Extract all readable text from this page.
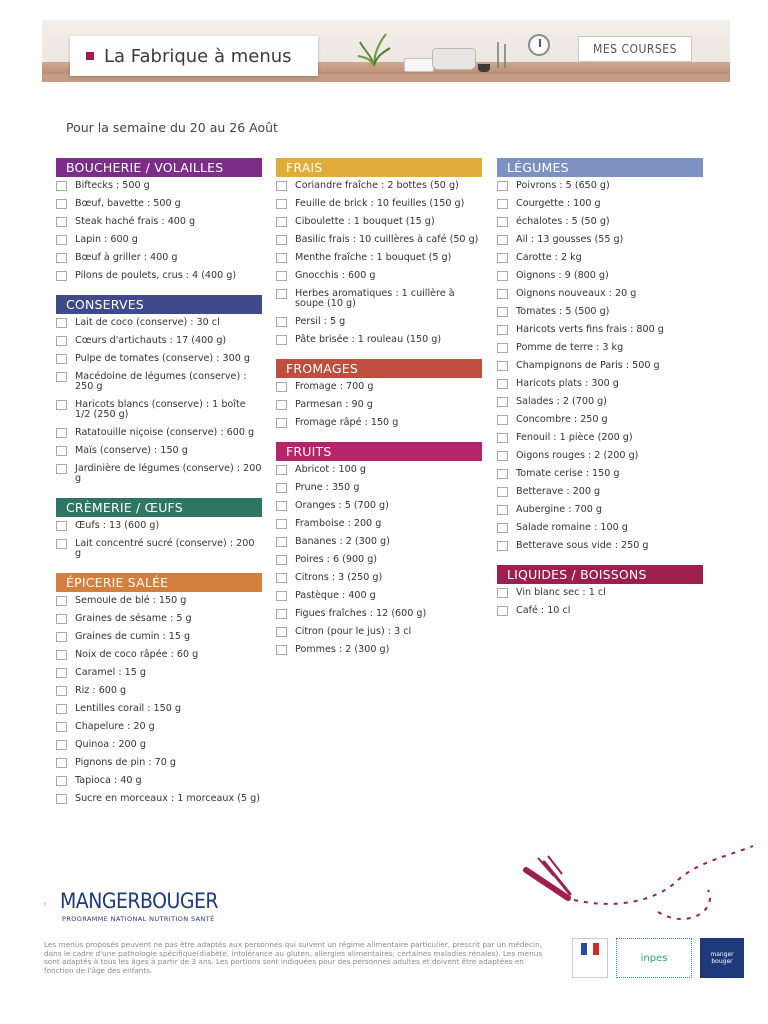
La Fabrique à menus	MES COURSES
Pour la semaine du 20 au 26 Août
BOUCHERIE / VOLAILLES
Biftecks : 500 g
Bœuf, bavette : 500 g
Steak haché frais : 400 g
Lapin : 600 g
Bœuf à griller : 400 g
Pilons de poulets, crus : 4 (400 g)
CONSERVES
Lait de coco (conserve) : 30 cl
Cœurs d'artichauts : 17 (400 g)
Pulpe de tomates (conserve) : 300 g
Macédoine de légumes (conserve) : 250 g
Haricots blancs (conserve) : 1 boîte 1/2 (250 g)
Ratatouille niçoise (conserve) : 600 g
Maïs (conserve) : 150 g
Jardinière de légumes (conserve) : 200 g
CRÈMERIE / ŒUFS
Œufs : 13 (600 g)
Lait concentré sucré (conserve) : 200 g
ÉPICERIE SALÉE
Semoule de blé : 150 g
Graines de sésame : 5 g
Graines de cumin : 15 g
Noix de coco râpée : 60 g
Caramel : 15 g
Riz : 600 g
Lentilles corail : 150 g
Chapelure : 20 g
Quinoa : 200 g
Pignons de pin : 70 g
Tapioca : 40 g
Sucre en morceaux : 1 morceaux (5 g)
FRAIS
Coriandre fraîche : 2 bottes (50 g)
Feuille de brick : 10 feuilles (150 g)
Ciboulette : 1 bouquet (15 g)
Basilic frais : 10 cuillères à café (50 g)
Menthe fraîche : 1 bouquet (5 g)
Gnocchis : 600 g
Herbes aromatiques : 1 cuillère à soupe (10 g)
Persil : 5 g
Pâte brisée : 1 rouleau (150 g)
FROMAGES
Fromage : 700 g
Parmesan : 90 g
Fromage râpé : 150 g
FRUITS
Abricot : 100 g
Prune : 350 g
Oranges : 5 (700 g)
Framboise : 200 g
Bananes : 2 (300 g)
Poires : 6 (900 g)
Citrons : 3 (250 g)
Pastèque : 400 g
Figues fraîches : 12 (600 g)
Citron (pour le jus) : 3 cl
Pommes : 2 (300 g)
LÉGUMES
Poivrons : 5 (650 g)
Courgette : 100 g
échalotes : 5 (50 g)
Ail : 13 gousses (55 g)
Carotte : 2 kg
Oignons : 9 (800 g)
Oignons nouveaux : 20 g
Tomates : 5 (500 g)
Haricots verts fins frais : 800 g
Pomme de terre : 3 kg
Champignons de Paris : 500 g
Haricots plats : 300 g
Salades : 2 (700 g)
Concombre : 250 g
Fenouil : 1 pièce (200 g)
Oigons rouges : 2 (200 g)
Tomate cerise : 150 g
Betterave : 200 g
Aubergine : 700 g
Salade romaine : 100 g
Betterave sous vide : 250 g
LIQUIDES / BOISSONS
Vin blanc sec : 1 cl
Café : 10 cl
MANGERBOUGER
PROGRAMME NATIONAL NUTRITION SANTÉ
Les menus proposés peuvent ne pas être adaptés aux personnes qui suivent un régime alimentaire particulier, prescrit par un médecin, dans le cadre d'une pathologie spécifique(diabète, intolérance au gluten, allergies alimentaires, certaines maladies rénales). Les menus sont adaptés à tous les âges à partir de 3 ans. Les portions sont indiquées pour des personnes adultes et doivent être adaptées en fonction de l'âge des enfants.
inpes	manger bouger
